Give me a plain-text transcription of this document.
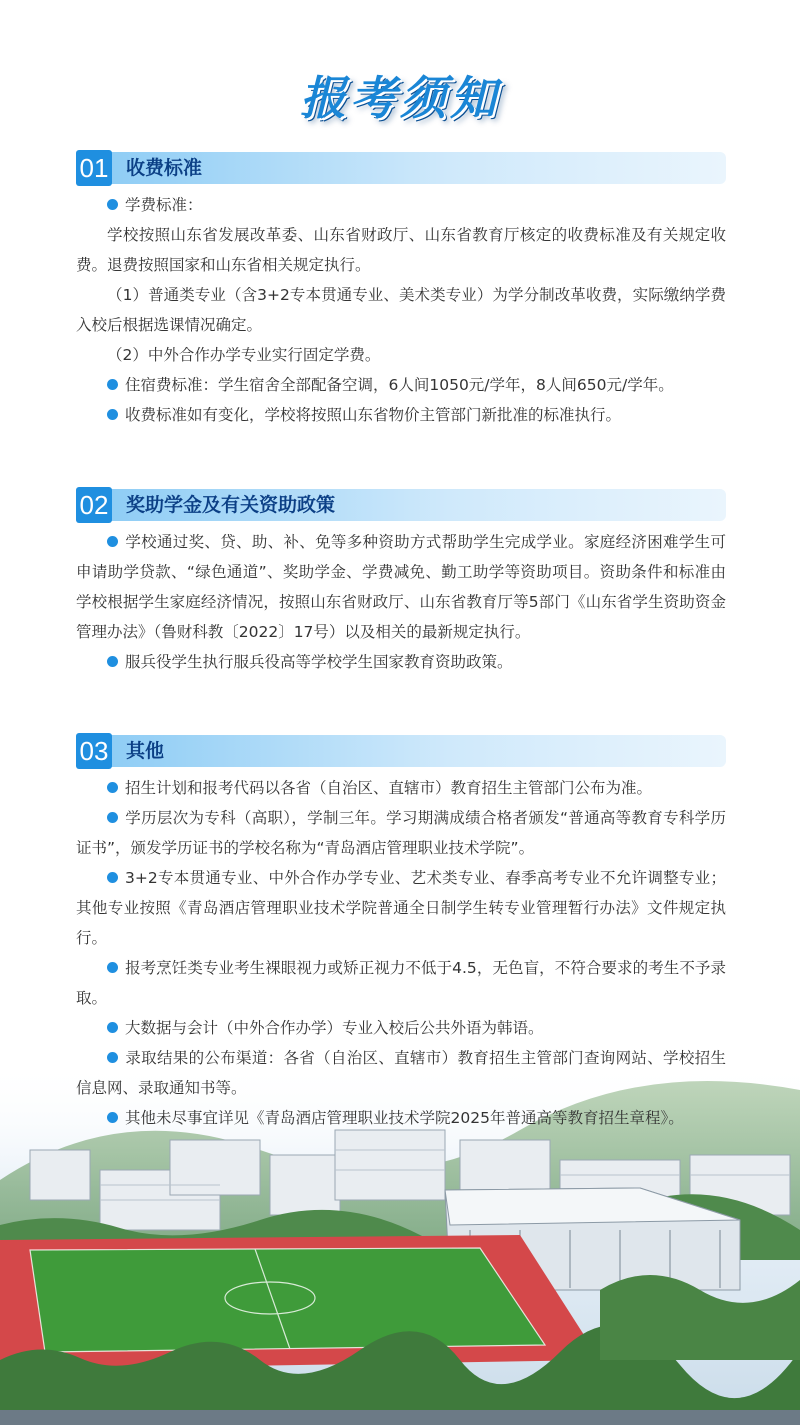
报考须知
01 收费标准

学费标准：

学校按照山东省发展改革委、山东省财政厅、山东省教育厅核定的收费标准及有关规定收费。退费按照国家和山东省相关规定执行。

（1）普通类专业（含3+2专本贯通专业、美术类专业）为学分制改革收费，实际缴纳学费入校后根据选课情况确定。

（2）中外合作办学专业实行固定学费。

住宿费标准：学生宿舍全部配备空调，6人间1050元/学年，8人间650元/学年。

收费标准如有变化，学校将按照山东省物价主管部门新批准的标准执行。

02 奖助学金及有关资助政策

学校通过奖、贷、助、补、免等多种资助方式帮助学生完成学业。家庭经济困难学生可申请助学贷款、“绿色通道”、奖助学金、学费减免、勤工助学等资助项目。资助条件和标准由学校根据学生家庭经济情况，按照山东省财政厅、山东省教育厅等5部门《山东省学生资助资金管理办法》（鲁财科教〔2022〕17号）以及相关的最新规定执行。

服兵役学生执行服兵役高等学校学生国家教育资助政策。

03 其他

招生计划和报考代码以各省（自治区、直辖市）教育招生主管部门公布为准。

学历层次为专科（高职），学制三年。学习期满成绩合格者颁发“普通高等教育专科学历证书”，颁发学历证书的学校名称为“青岛酒店管理职业技术学院”。

3+2专本贯通专业、中外合作办学专业、艺术类专业、春季高考专业不允许调整专业；其他专业按照《青岛酒店管理职业技术学院普通全日制学生转专业管理暂行办法》文件规定执行。

报考烹饪类专业考生裸眼视力或矫正视力不低于4.5，无色盲，不符合要求的考生不予录取。

大数据与会计（中外合作办学）专业入校后公共外语为韩语。

录取结果的公布渠道：各省（自治区、直辖市）教育招生主管部门查询网站、学校招生信息网、录取通知书等。

其他未尽事宜详见《青岛酒店管理职业技术学院2025年普通高等教育招生章程》。
